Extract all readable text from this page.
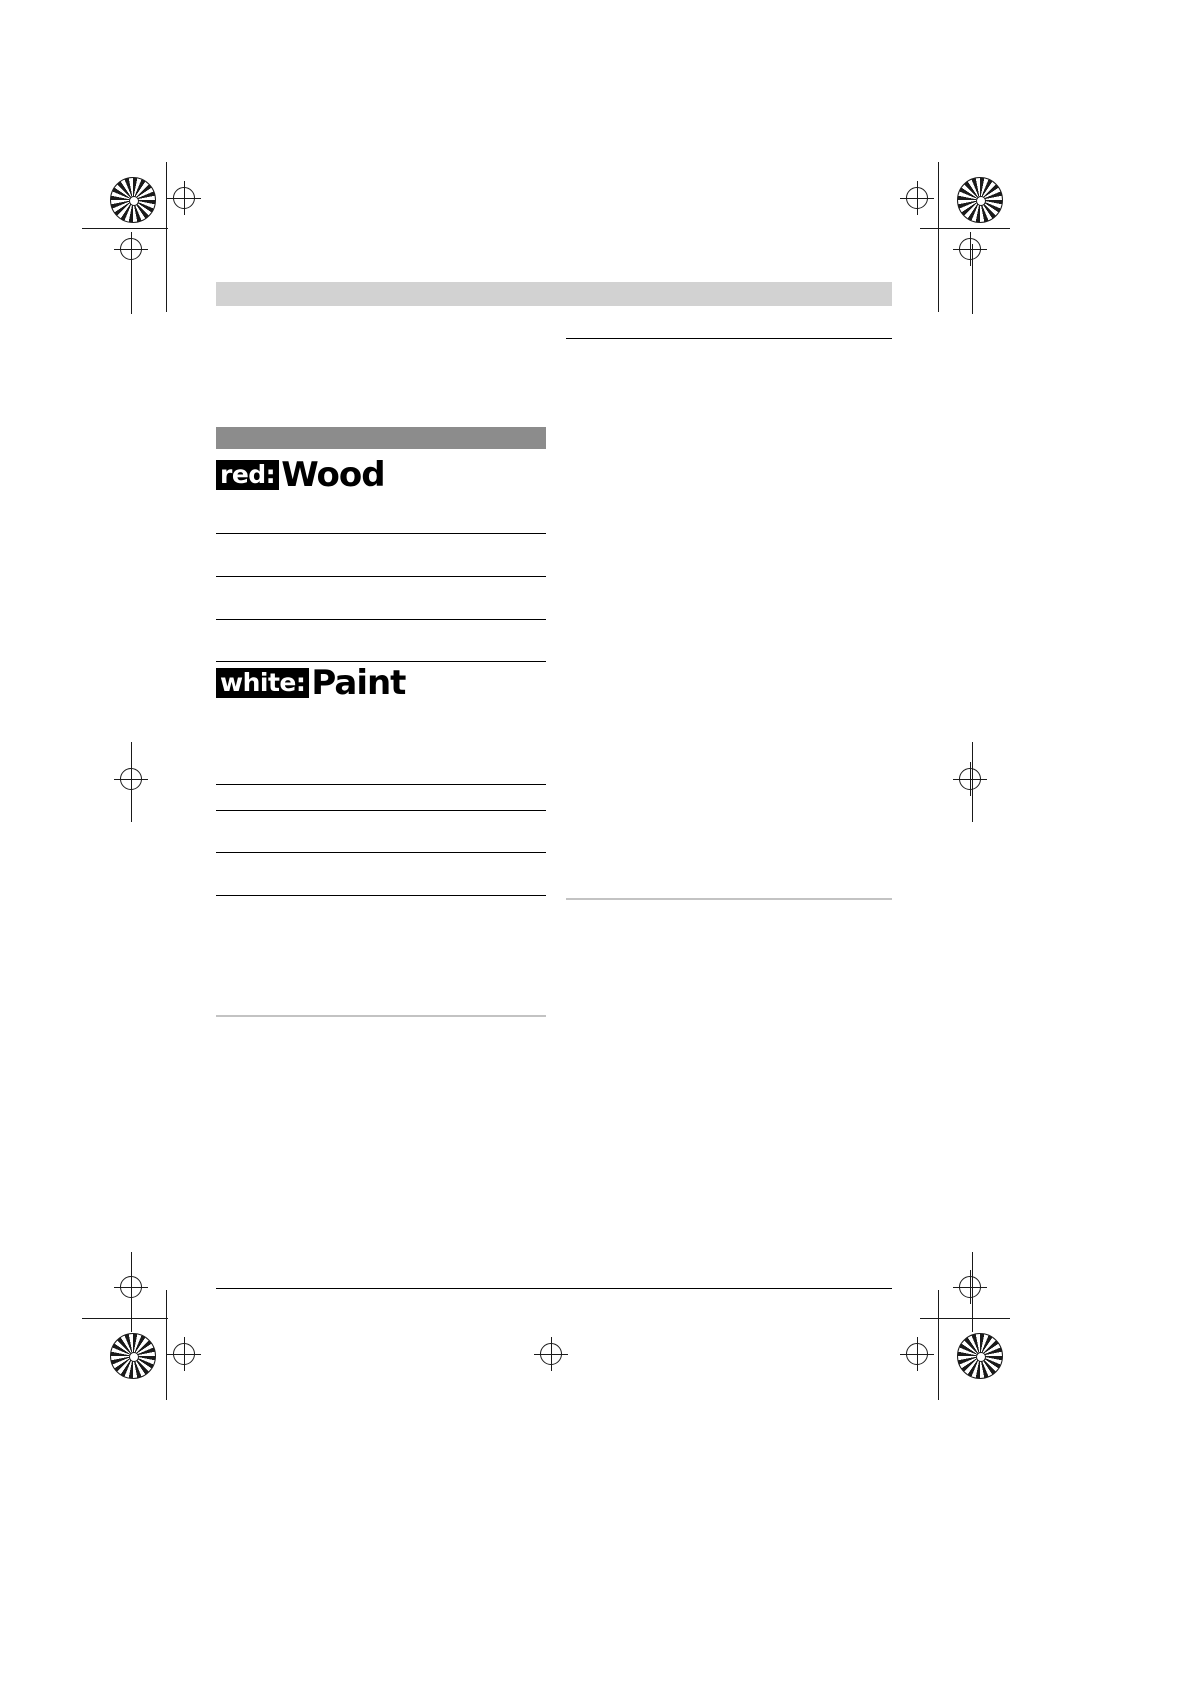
red: Wood
white: Paint
